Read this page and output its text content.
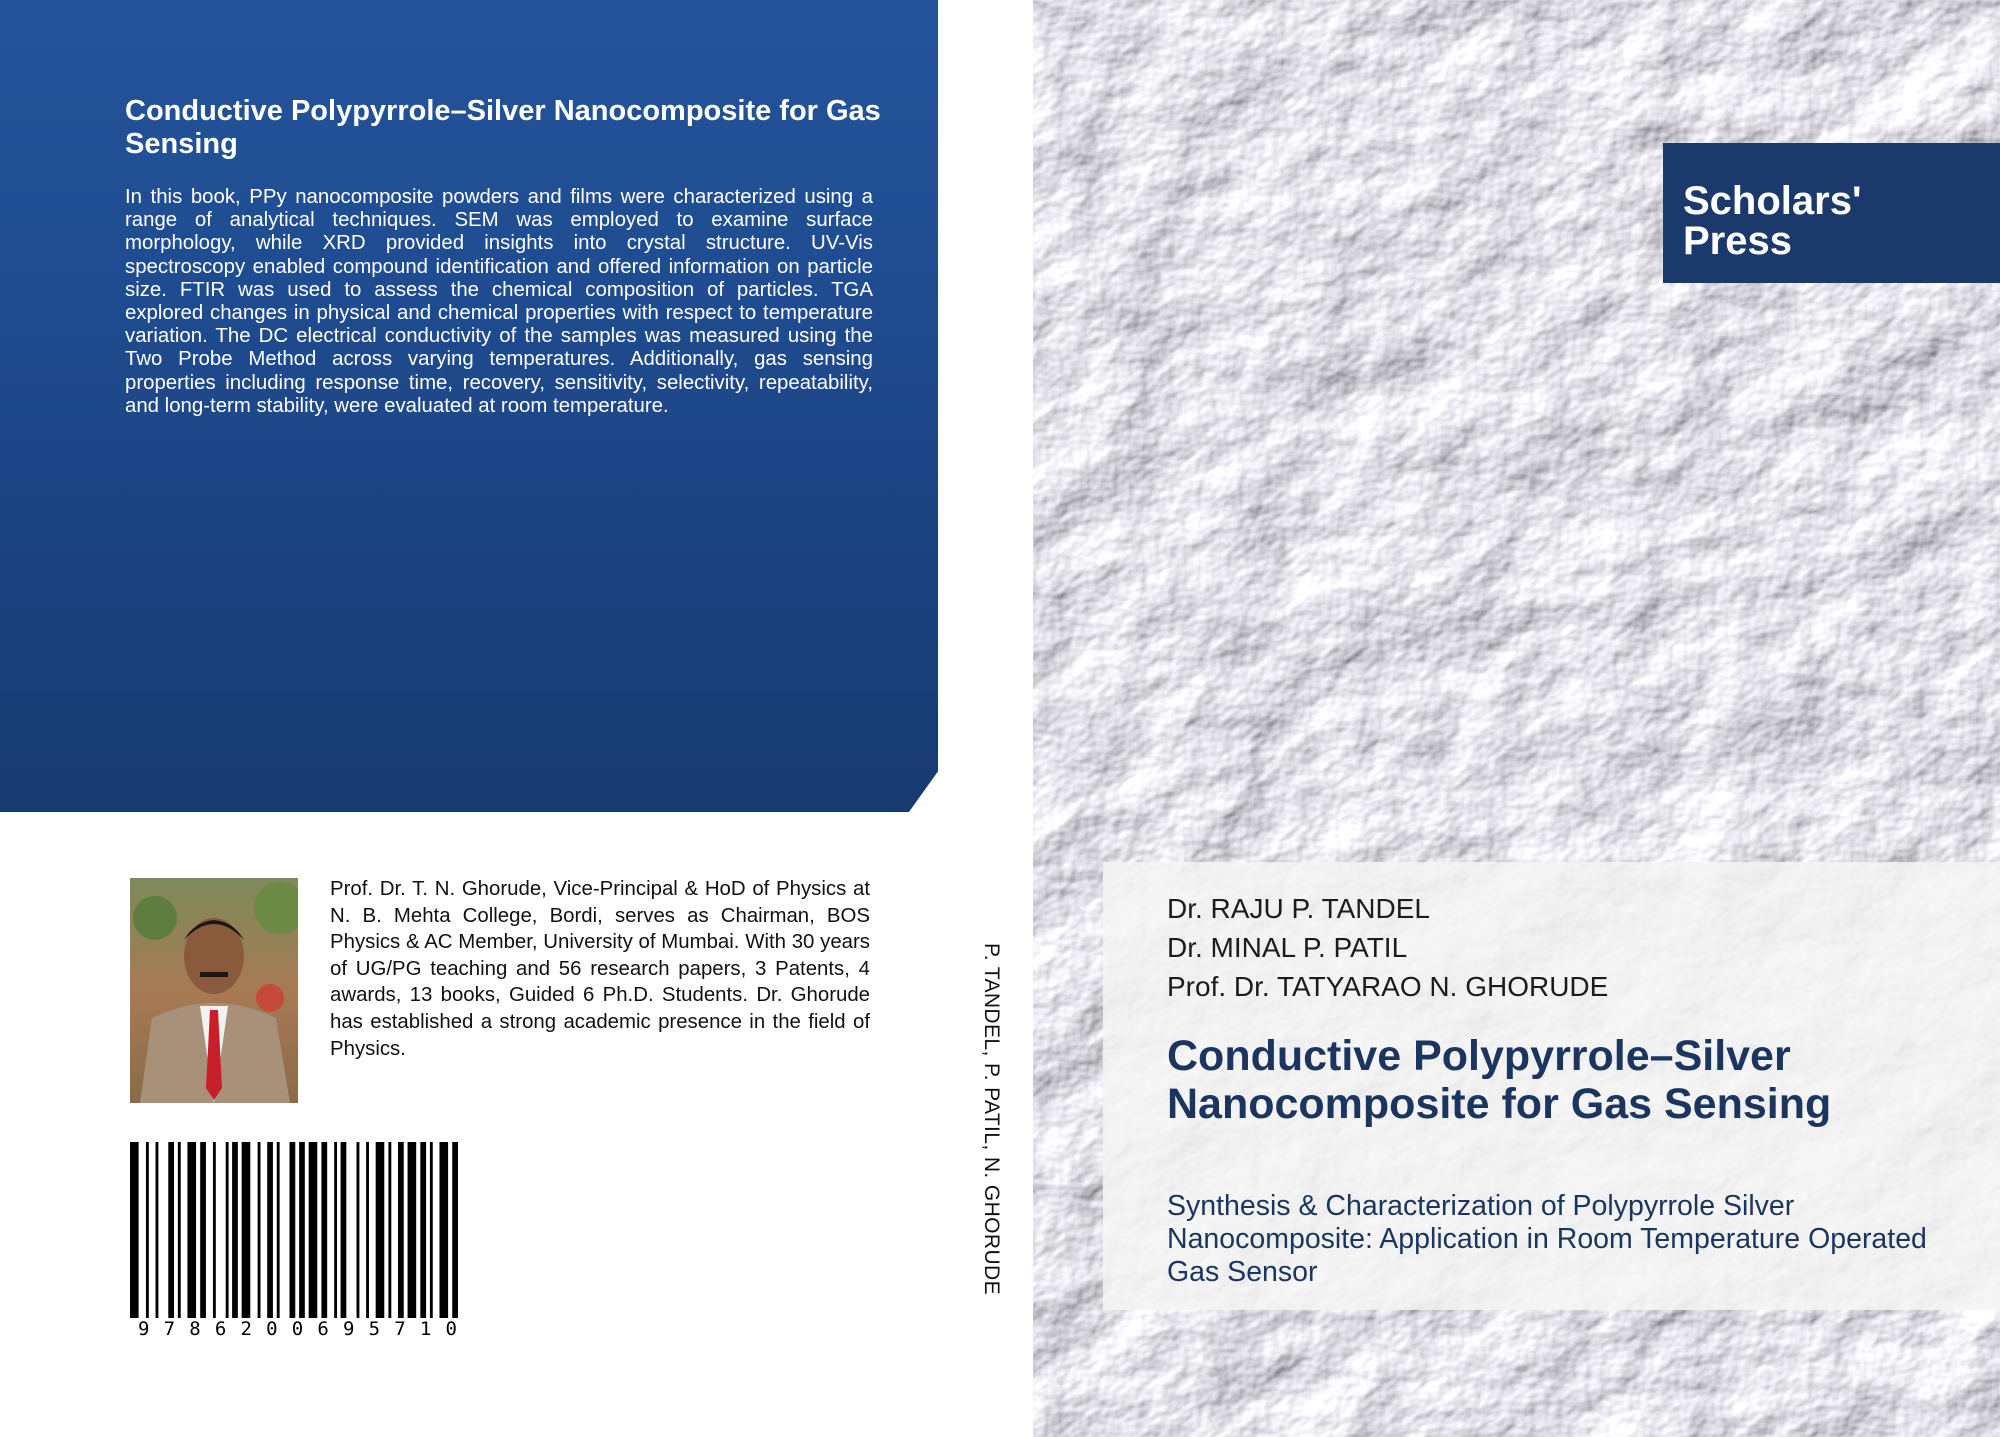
Conductive Polypyrrole–Silver Nanocomposite for Gas Sensing

In this book, PPy nanocomposite powders and films were characterized using a range of analytical techniques. SEM was employed to examine surface morphology, while XRD provided insights into crystal structure. UV-Vis spectroscopy enabled compound identification and offered information on particle size. FTIR was used to assess the chemical composition of particles. TGA explored changes in physical and chemical properties with respect to temperature variation. The DC electrical conductivity of the samples was measured using the Two Probe Method across varying temperatures. Additionally, gas sensing properties including response time, recovery, sensitivity, selectivity, repeatability, and long-term stability, were evaluated at room temperature.

Prof. Dr. T. N. Ghorude, Vice-Principal & HoD of Physics at N. B. Mehta College, Bordi, serves as Chairman, BOS Physics & AC Member, University of Mumbai. With 30 years of UG/PG teaching and 56 research papers, 3 Patents, 4 awards, 13 books, Guided 6 Ph.D. Students. Dr. Ghorude has established a strong academic presence in the field of Physics.

9 7 8 6 2 0 0 6 9 5 7 1 0
P. TANDEL, P. PATIL, N. GHORUDE

Scholars'
Press

Dr. RAJU P. TANDEL

Dr. MINAL P. PATIL

Prof. Dr. TATYARAO N. GHORUDE

Conductive Polypyrrole–Silver Nanocomposite for Gas Sensing

Synthesis & Characterization of Polypyrrole Silver Nanocomposite: Application in Room Temperature Operated Gas Sensor
